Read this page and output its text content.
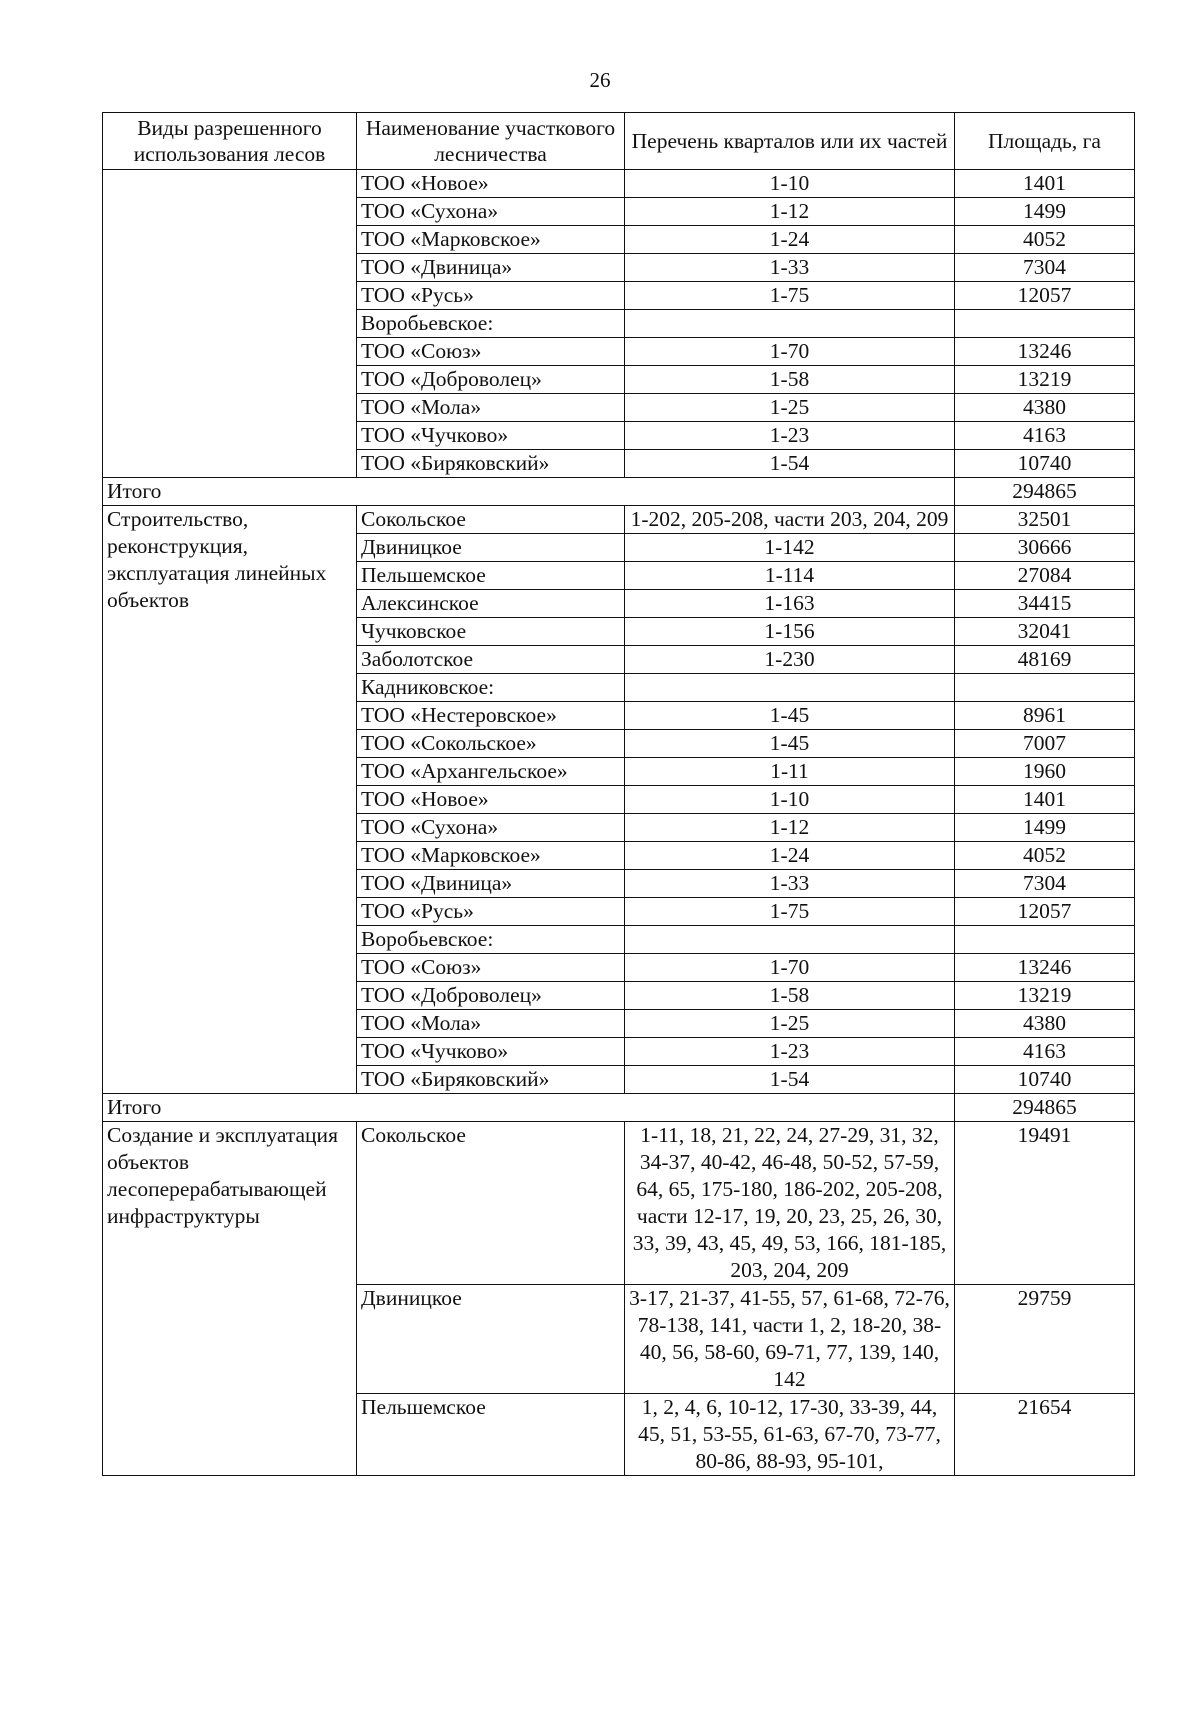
26
Виды разрешенного использования лесов	Наименование участкового лесничества	Перечень кварталов или их частей	Площадь, га
	ТОО «Новое»	1-10	1401
	ТОО «Сухона»	1-12	1499
	ТОО «Марковское»	1-24	4052
	ТОО «Двиница»	1-33	7304
	ТОО «Русь»	1-75	12057
	Воробьевское:		
	ТОО «Союз»	1-70	13246
	ТОО «Доброволец»	1-58	13219
	ТОО «Мола»	1-25	4380
	ТОО «Чучково»	1-23	4163
	ТОО «Биряковский»	1-54	10740
Итого			294865
Строительство, реконструкция, эксплуатация линейных объектов	Сокольское	1-202, 205-208, части 203, 204, 209	32501
	Двиницкое	1-142	30666
	Пельшемское	1-114	27084
	Алексинское	1-163	34415
	Чучковское	1-156	32041
	Заболотское	1-230	48169
	Кадниковское:		
	ТОО «Нестеровское»	1-45	8961
	ТОО «Сокольское»	1-45	7007
	ТОО «Архангельское»	1-11	1960
	ТОО «Новое»	1-10	1401
	ТОО «Сухона»	1-12	1499
	ТОО «Марковское»	1-24	4052
	ТОО «Двиница»	1-33	7304
	ТОО «Русь»	1-75	12057
	Воробьевское:		
	ТОО «Союз»	1-70	13246
	ТОО «Доброволец»	1-58	13219
	ТОО «Мола»	1-25	4380
	ТОО «Чучково»	1-23	4163
	ТОО «Биряковский»	1-54	10740
Итого			294865
Создание и эксплуатация объектов лесоперерабатывающей инфраструктуры	Сокольское	1-11, 18, 21, 22, 24, 27-29, 31, 32, 34-37, 40-42, 46-48, 50-52, 57-59, 64, 65, 175-180, 186-202, 205-208, части 12-17, 19, 20, 23, 25, 26, 30, 33, 39, 43, 45, 49, 53, 166, 181-185, 203, 204, 209	19491
	Двиницкое	3-17, 21-37, 41-55, 57, 61-68, 72-76, 78-138, 141, части 1, 2, 18-20, 38-40, 56, 58-60, 69-71, 77, 139, 140, 142	29759
	Пельшемское	1, 2, 4, 6, 10-12, 17-30, 33-39, 44, 45, 51, 53-55, 61-63, 67-70, 73-77, 80-86, 88-93, 95-101,	21654
